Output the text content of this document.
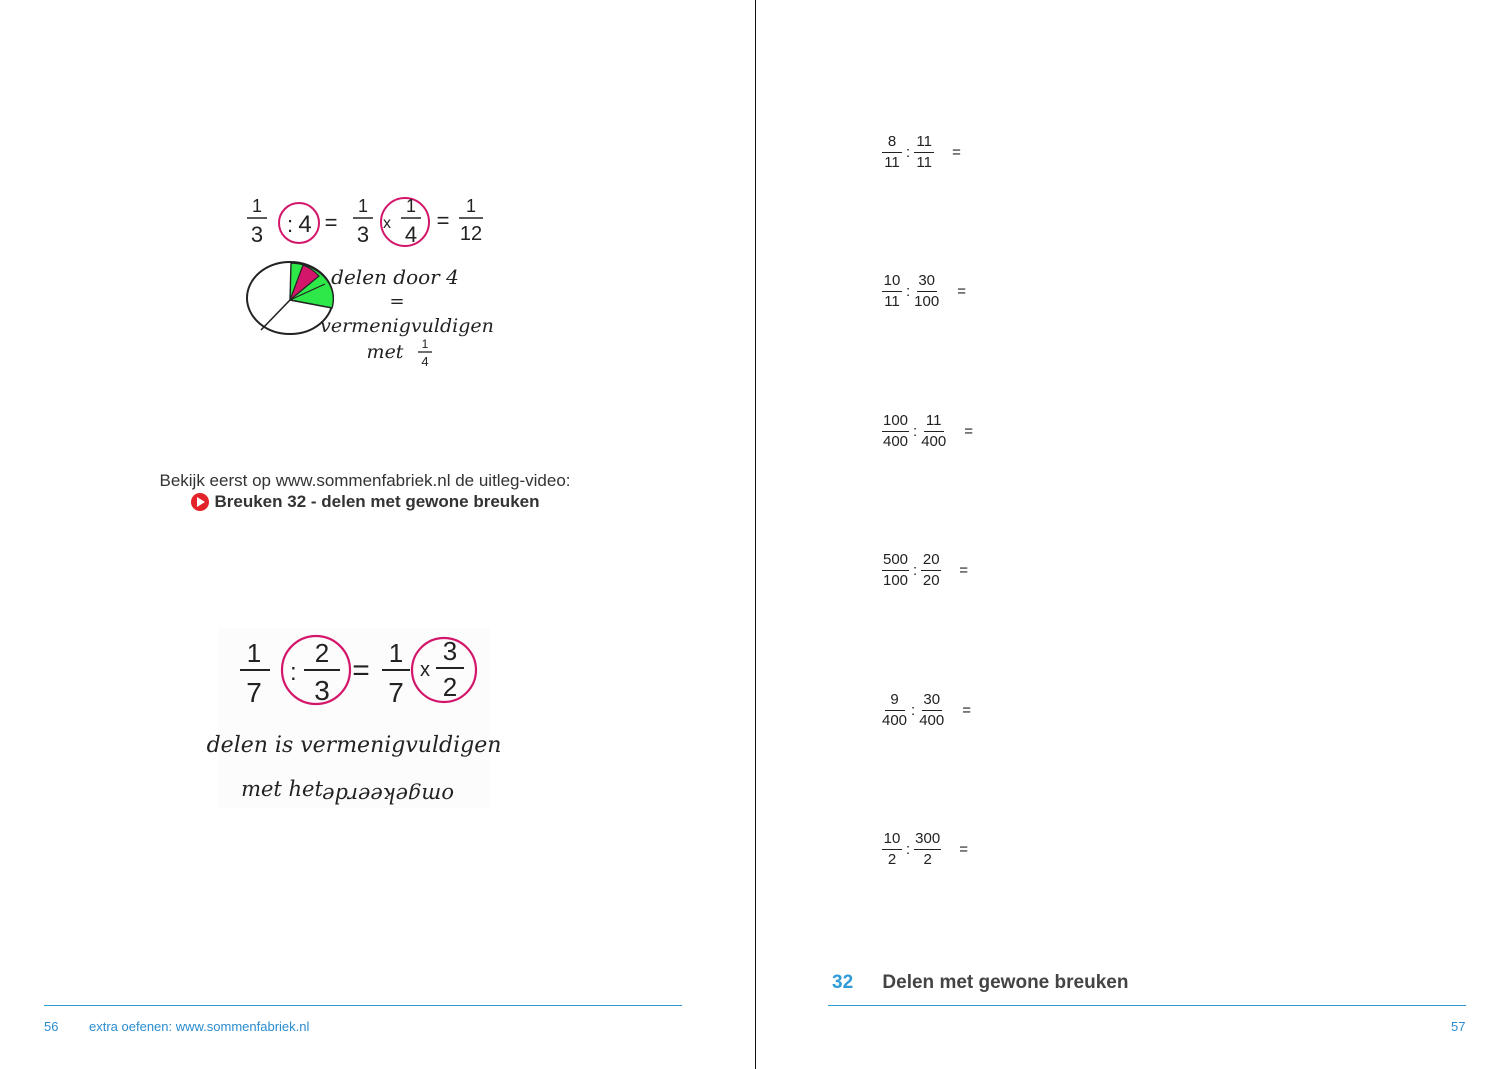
1
3 : 4 =
1
3 x
1
4
=
1
12
delen door 4
=
vermenigvuldigen
met 1
4
Bekijk eerst op www.sommenfabriek.nl de uitleg-video:
Breuken 32 - delen met gewone breuken
1
7
:
2
3
=
1
7
x
3
2
delen is vermenigvuldigen
met het omgekeerde
56 extra oefenen: www.sommenfabriek.nl
$\frac{8}{11}$ : $\frac{11}{11}$ =
$\frac{10}{11}$ : $\frac{30}{100}$ =
$\frac{100}{400}$ : $\frac{11}{400}$ =
$\frac{500}{100}$ : $\frac{20}{20}$ =
$\frac{9}{400}$ : $\frac{30}{400}$ =
$\frac{10}{2}$ : $\frac{300}{2}$ =
32 Delen met gewone breuken
57
